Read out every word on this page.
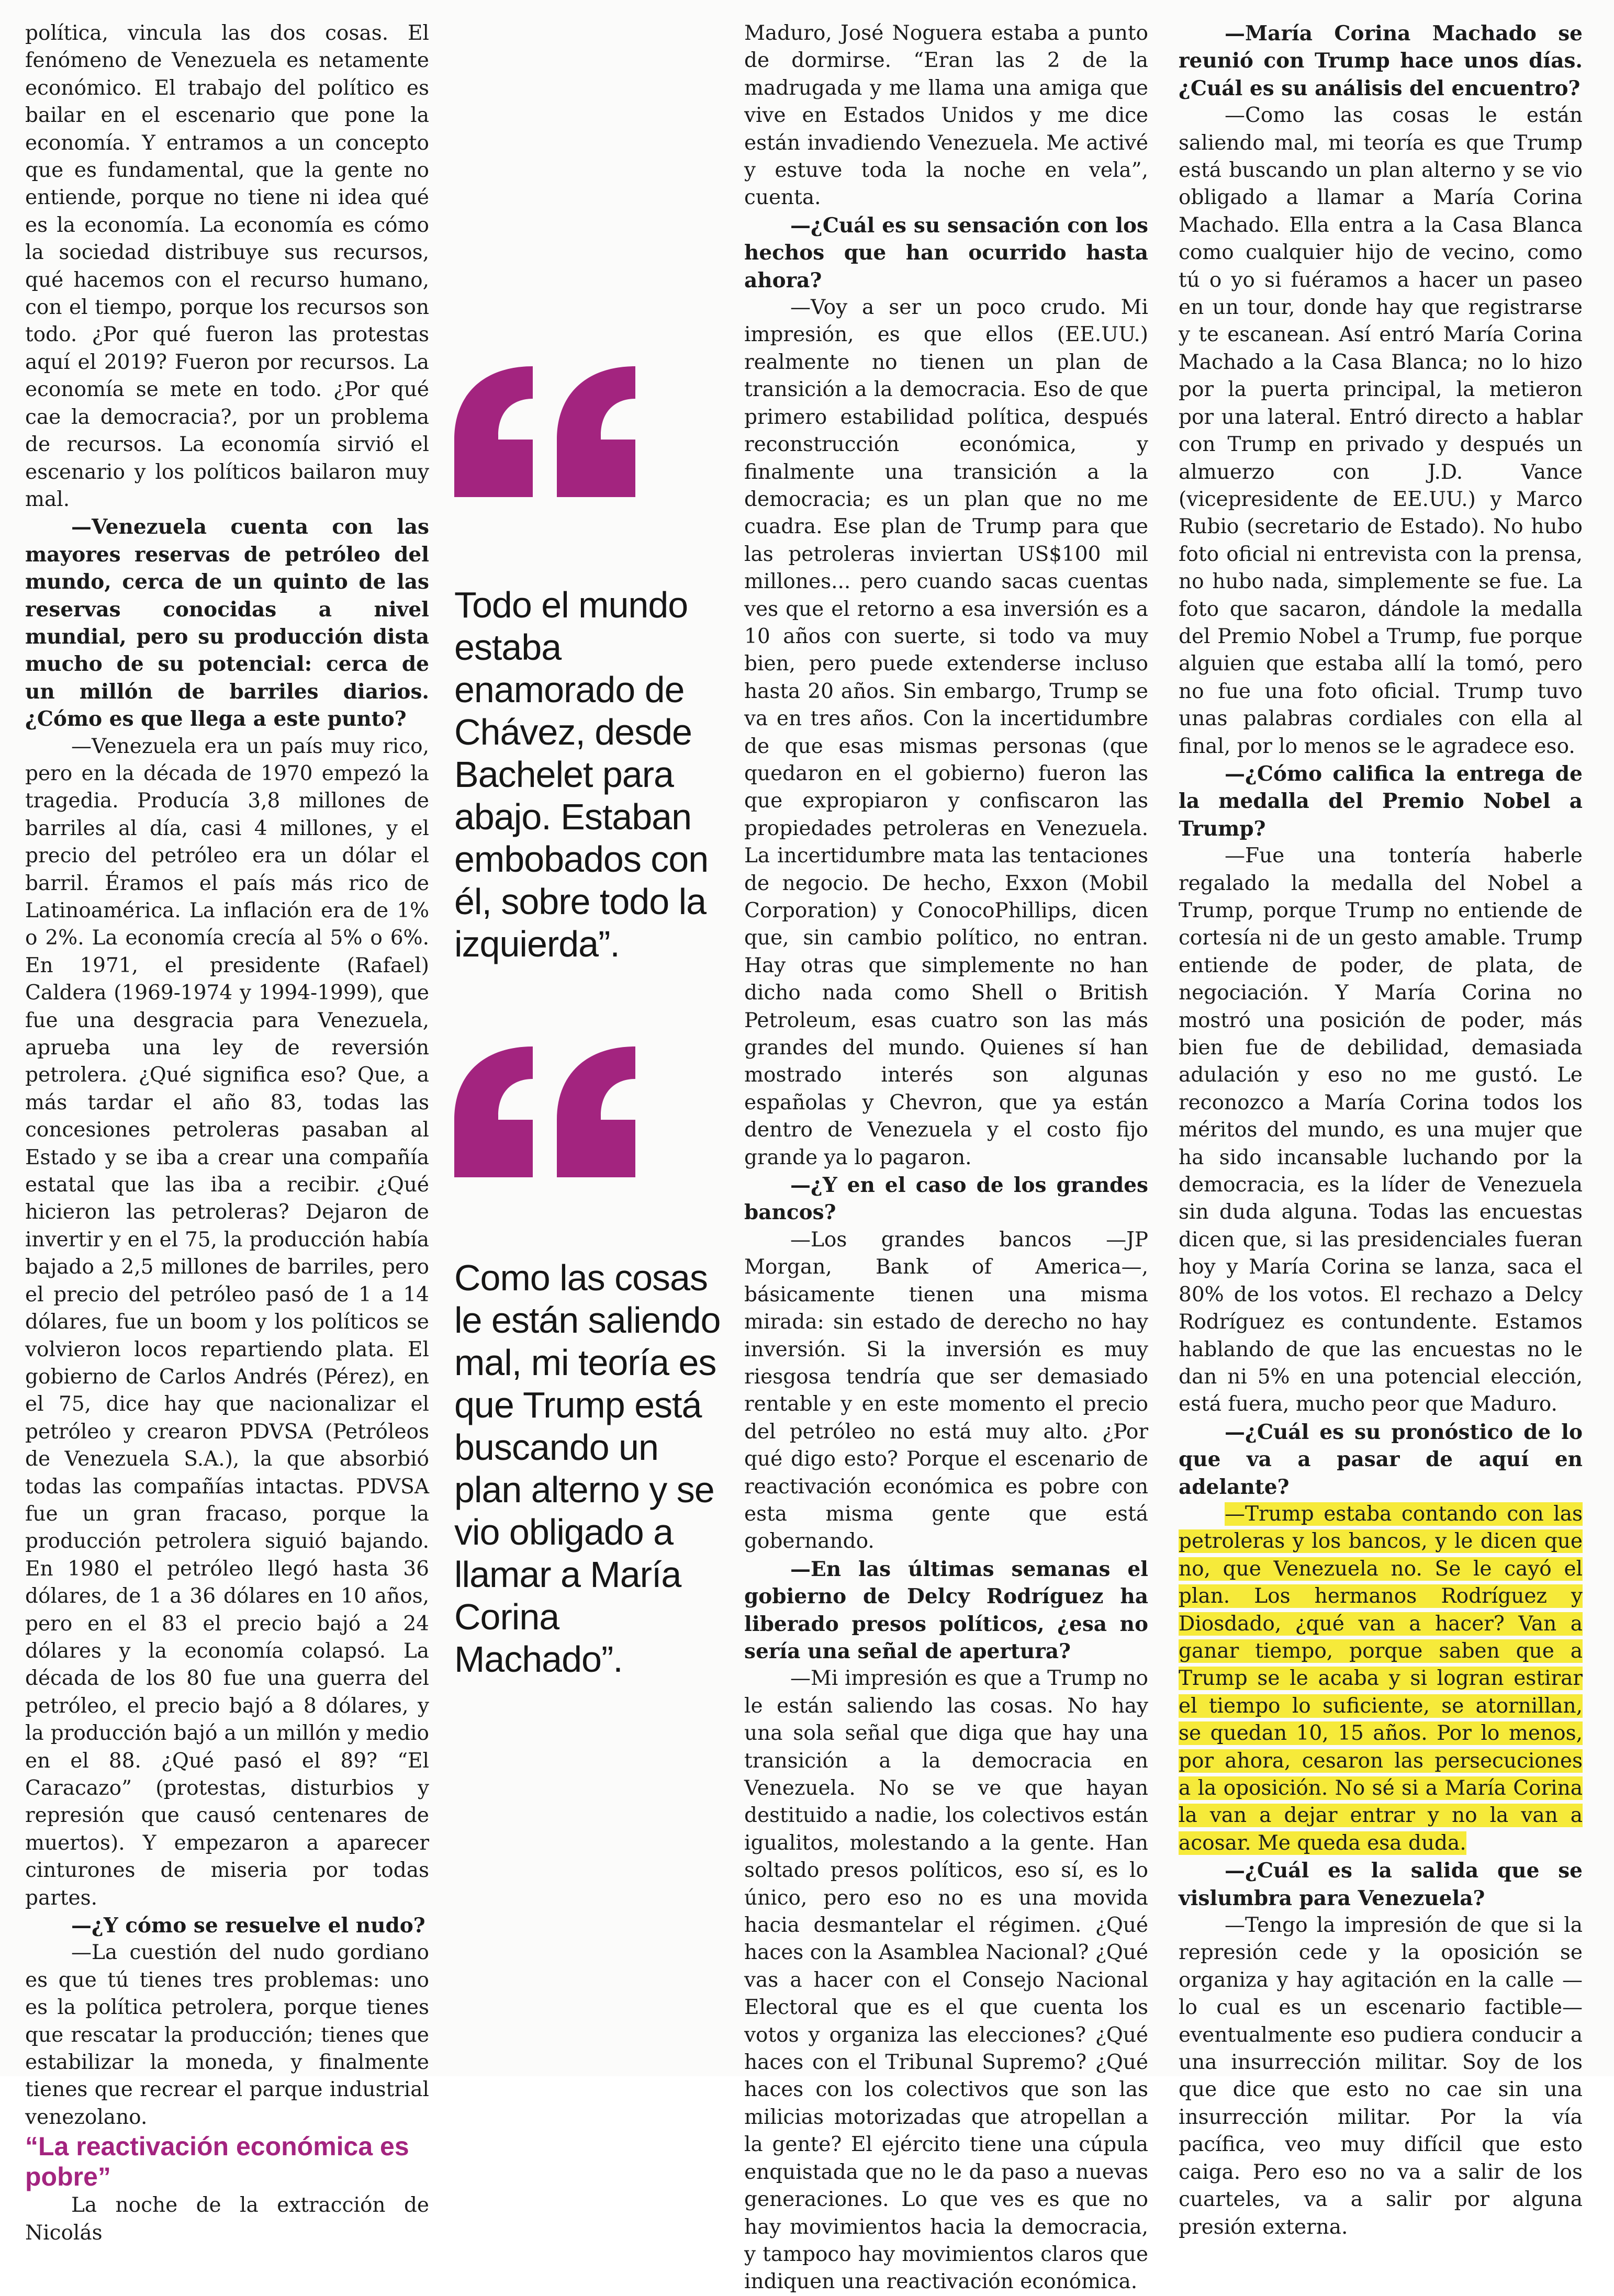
política, vincula las dos cosas. El fenómeno de Venezuela es netamente económico. El trabajo del político es bailar en el escenario que pone la economía. Y entramos a un concepto que es fundamental, que la gente no entiende, porque no tiene ni idea qué es la economía. La economía es cómo la sociedad distribuye sus recursos, qué hacemos con el recurso humano, con el tiempo, porque los recursos son todo. ¿Por qué fueron las protestas aquí el 2019? Fueron por recursos. La economía se mete en todo. ¿Por qué cae la democracia?, por un problema de recursos. La economía sirvió el escenario y los políticos bailaron muy mal.

—Venezuela cuenta con las mayores reservas de petróleo del mundo, cerca de un quinto de las reservas conocidas a nivel mundial, pero su producción dista mucho de su potencial: cerca de un millón de barriles diarios. ¿Cómo es que llega a este punto?

—Venezuela era un país muy rico, pero en la década de 1970 empezó la tragedia. Producía 3,8 millones de barriles al día, casi 4 millones, y el precio del petróleo era un dólar el barril. Éramos el país más rico de Latinoamérica. La inflación era de 1% o 2%. La economía crecía al 5% o 6%. En 1971, el presidente (Rafael) Caldera (1969-1974 y 1994-1999), que fue una desgracia para Venezuela, aprueba una ley de reversión petrolera. ¿Qué significa eso? Que, a más tardar el año 83, todas las concesiones petroleras pasaban al Estado y se iba a crear una compañía estatal que las iba a recibir. ¿Qué hicieron las petroleras? Dejaron de invertir y en el 75, la producción había bajado a 2,5 millones de barriles, pero el precio del petróleo pasó de 1 a 14 dólares, fue un boom y los políticos se volvieron locos repartiendo plata. El gobierno de Carlos Andrés (Pérez), en el 75, dice hay que nacionalizar el petróleo y crearon PDVSA (Petróleos de Venezuela S.A.), la que absorbió todas las compañías intactas. PDVSA fue un gran fracaso, porque la producción petrolera siguió bajando. En 1980 el petróleo llegó hasta 36 dólares, de 1 a 36 dólares en 10 años, pero en el 83 el precio bajó a 24 dólares y la economía colapsó. La década de los 80 fue una guerra del petróleo, el precio bajó a 8 dólares, y la producción bajó a un millón y medio en el 88. ¿Qué pasó el 89? “El Caracazo” (protestas, disturbios y represión que causó centenares de muertos). Y empezaron a aparecer cinturones de miseria por todas partes.

—¿Y cómo se resuelve el nudo?

—La cuestión del nudo gordiano es que tú tienes tres problemas: uno es la política petrolera, porque tienes que rescatar la producción; tienes que estabilizar la moneda, y finalmente tienes que recrear el parque industrial venezolano.

“La reactivación económica es pobre”

La noche de la extracción de Nicolás

Todo el mundo estaba enamorado de Chávez, desde Bachelet para abajo. Estaban embobados con él, sobre todo la izquierda”.

Como las cosas le están saliendo mal, mi teoría es que Trump está buscando un plan alterno y se vio obligado a llamar a María Corina Machado”.

Maduro, José Noguera estaba a punto de dormirse. “Eran las 2 de la madrugada y me llama una amiga que vive en Estados Unidos y me dice están invadiendo Venezuela. Me activé y estuve toda la noche en vela”, cuenta.

—¿Cuál es su sensación con los hechos que han ocurrido hasta ahora?

—Voy a ser un poco crudo. Mi impresión, es que ellos (EE.UU.) realmente no tienen un plan de transición a la democracia. Eso de que primero estabilidad política, después reconstrucción económica, y finalmente una transición a la democracia; es un plan que no me cuadra. Ese plan de Trump para que las petroleras inviertan US$100 mil millones... pero cuando sacas cuentas ves que el retorno a esa inversión es a 10 años con suerte, si todo va muy bien, pero puede extenderse incluso hasta 20 años. Sin embargo, Trump se va en tres años. Con la incertidumbre de que esas mismas personas (que quedaron en el gobierno) fueron las que expropiaron y confiscaron las propiedades petroleras en Venezuela. La incertidumbre mata las tentaciones de negocio. De hecho, Exxon (Mobil Corporation) y ConocoPhillips, dicen que, sin cambio político, no entran. Hay otras que simplemente no han dicho nada como Shell o British Petroleum, esas cuatro son las más grandes del mundo. Quienes sí han mostrado interés son algunas españolas y Chevron, que ya están dentro de Venezuela y el costo fijo grande ya lo pagaron.

—¿Y en el caso de los grandes bancos?

—Los grandes bancos —JP Morgan, Bank of America—, básicamente tienen una misma mirada: sin estado de derecho no hay inversión. Si la inversión es muy riesgosa tendría que ser demasiado rentable y en este momento el precio del petróleo no está muy alto. ¿Por qué digo esto? Porque el escenario de reactivación económica es pobre con esta misma gente que está gobernando.

—En las últimas semanas el gobierno de Delcy Rodríguez ha liberado presos políticos, ¿esa no sería una señal de apertura?

—Mi impresión es que a Trump no le están saliendo las cosas. No hay una sola señal que diga que hay una transición a la democracia en Venezuela. No se ve que hayan destituido a nadie, los colectivos están igualitos, molestando a la gente. Han soltado presos políticos, eso sí, es lo único, pero eso no es una movida hacia desmantelar el régimen. ¿Qué haces con la Asamblea Nacional? ¿Qué vas a hacer con el Consejo Nacional Electoral que es el que cuenta los votos y organiza las elecciones? ¿Qué haces con el Tribunal Supremo? ¿Qué haces con los colectivos que son las milicias motorizadas que atropellan a la gente? El ejército tiene una cúpula enquistada que no le da paso a nuevas generaciones. Lo que ves es que no hay movimientos hacia la democracia, y tampoco hay movimientos claros que indiquen una reactivación económica.

—María Corina Machado se reunió con Trump hace unos días. ¿Cuál es su análisis del encuentro?

—Como las cosas le están saliendo mal, mi teoría es que Trump está buscando un plan alterno y se vio obligado a llamar a María Corina Machado. Ella entra a la Casa Blanca como cualquier hijo de vecino, como tú o yo si fuéramos a hacer un paseo en un tour, donde hay que registrarse y te escanean. Así entró María Corina Machado a la Casa Blanca; no lo hizo por la puerta principal, la metieron por una lateral. Entró directo a hablar con Trump en privado y después un almuerzo con J.D. Vance (vicepresidente de EE.UU.) y Marco Rubio (secretario de Estado). No hubo foto oficial ni entrevista con la prensa, no hubo nada, simplemente se fue. La foto que sacaron, dándole la medalla del Premio Nobel a Trump, fue porque alguien que estaba allí la tomó, pero no fue una foto oficial. Trump tuvo unas palabras cordiales con ella al final, por lo menos se le agradece eso.

—¿Cómo califica la entrega de la medalla del Premio Nobel a Trump?

—Fue una tontería haberle regalado la medalla del Nobel a Trump, porque Trump no entiende de cortesía ni de un gesto amable. Trump entiende de poder, de plata, de negociación. Y María Corina no mostró una posición de poder, más bien fue de debilidad, demasiada adulación y eso no me gustó. Le reconozco a María Corina todos los méritos del mundo, es una mujer que ha sido incansable luchando por la democracia, es la líder de Venezuela sin duda alguna. Todas las encuestas dicen que, si las presidenciales fueran hoy y María Corina se lanza, saca el 80% de los votos. El rechazo a Delcy Rodríguez es contundente. Estamos hablando de que las encuestas no le dan ni 5% en una potencial elección, está fuera, mucho peor que Maduro.

—¿Cuál es su pronóstico de lo que va a pasar de aquí en adelante?

—Trump estaba contando con las petroleras y los bancos, y le dicen que no, que Venezuela no. Se le cayó el plan. Los hermanos Rodríguez y Diosdado, ¿qué van a hacer? Van a ganar tiempo, porque saben que a Trump se le acaba y si logran estirar el tiempo lo suficiente, se atornillan, se quedan 10, 15 años. Por lo menos, por ahora, cesaron las persecuciones a la oposición. No sé si a María Corina la van a dejar entrar y no la van a acosar. Me queda esa duda.

—¿Cuál es la salida que se vislumbra para Venezuela?

—Tengo la impresión de que si la represión cede y la oposición se organiza y hay agitación en la calle —lo cual es un escenario factible— eventualmente eso pudiera conducir a una insurrección militar. Soy de los que dice que esto no cae sin una insurrección militar. Por la vía pacífica, veo muy difícil que esto caiga. Pero eso no va a salir de los cuarteles, va a salir por alguna presión externa.
